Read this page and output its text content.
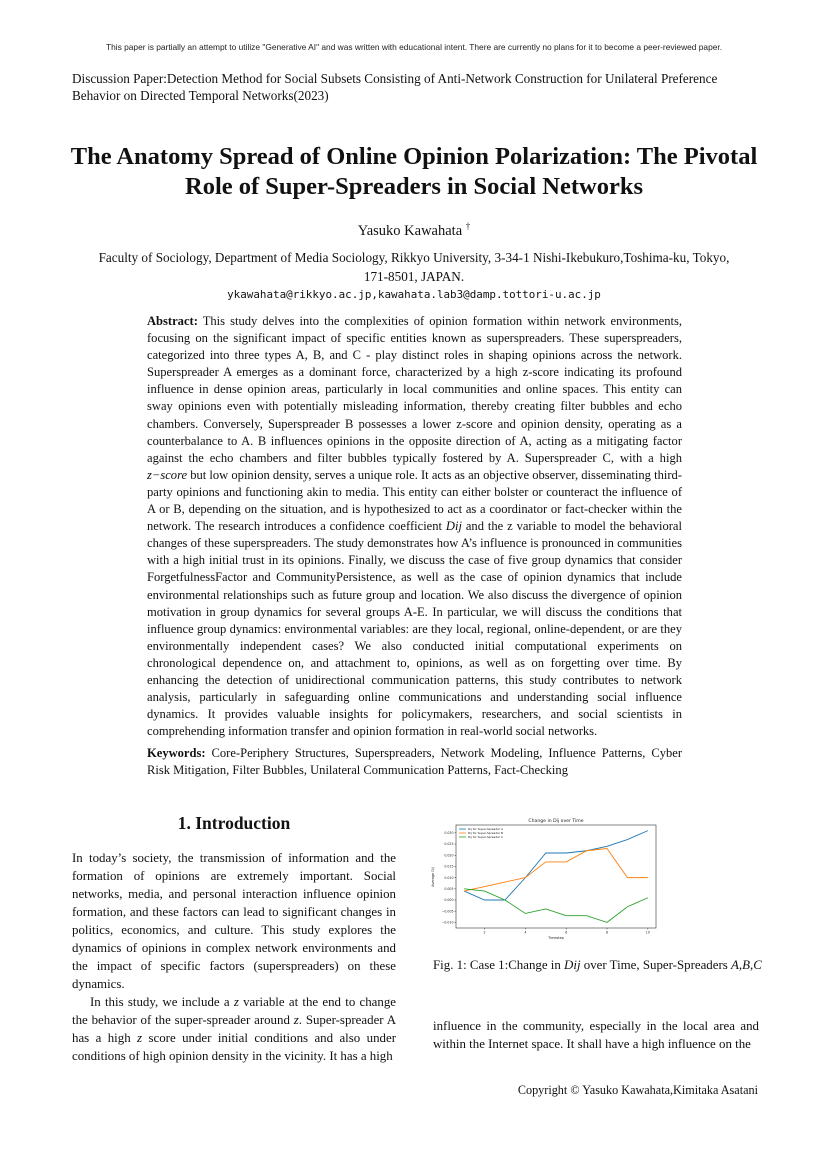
This paper is partially an attempt to utilize "Generative AI" and was written with educational intent. There are currently no plans for it to become a peer-reviewed paper.
Discussion Paper:Detection Method for Social Subsets Consisting of Anti-Network Construction for Unilateral Preference Behavior on Directed Temporal Networks(2023)
The Anatomy Spread of Online Opinion Polarization: The Pivotal Role of Super-Spreaders in Social Networks
Yasuko Kawahata †
Faculty of Sociology, Department of Media Sociology, Rikkyo University, 3-34-1 Nishi-Ikebukuro,Toshima-ku, Tokyo, 171-8501, JAPAN.
ykawahata@rikkyo.ac.jp,kawahata.lab3@damp.tottori-u.ac.jp

Abstract: This study delves into the complexities of opinion formation within network environments, focusing on the significant impact of specific entities known as superspreaders. These superspreaders, categorized into three types A, B, and C - play distinct roles in shaping opinions across the network. Superspreader A emerges as a dominant force, characterized by a high z-score indicating its profound influence in dense opinion areas, particularly in local communities and online spaces. This entity can sway opinions even with potentially misleading information, thereby creating filter bubbles and echo chambers. Conversely, Superspreader B possesses a lower z-score and opinion density, operating as a counterbalance to A. B influences opinions in the opposite direction of A, acting as a mitigating factor against the echo chambers and filter bubbles typically fostered by A. Superspreader C, with a high z−score but low opinion density, serves a unique role. It acts as an objective observer, disseminating third-party opinions and functioning akin to media. This entity can either bolster or counteract the influence of A or B, depending on the situation, and is hypothesized to act as a coordinator or fact-checker within the network. The research introduces a confidence coefficient Dij and the z variable to model the behavioral changes of these superspreaders. The study demonstrates how A’s influence is pronounced in communities with a high initial trust in its opinions. Finally, we discuss the case of five group dynamics that consider ForgetfulnessFactor and CommunityPersistence, as well as the case of opinion dynamics that include environmental relationships such as future group and location. We also discuss the divergence of opinion motivation in group dynamics for several groups A-E. In particular, we will discuss the conditions that influence group dynamics: environmental variables: are they local, regional, online-dependent, or are they environmentally independent cases? We also conducted initial computational experiments on chronological dependence on, and attachment to, opinions, as well as on forgetting over time. By enhancing the detection of unidirectional communication patterns, this study contributes to network analysis, particularly in safeguarding online communications and understanding social influence dynamics. It provides valuable insights for policymakers, researchers, and social scientists in comprehending information transfer and opinion formation in real-world social networks.

Keywords: Core-Periphery Structures, Superspreaders, Network Modeling, Influence Patterns, Cyber Risk Mitigation, Filter Bubbles, Unilateral Communication Patterns, Fact-Checking

1. Introduction

In today’s society, the transmission of information and the formation of opinions are extremely important. Social networks, media, and personal interaction influence opinion formation, and these factors can lead to significant changes in politics, economics, and culture. This study explores the dynamics of opinions in complex network environments and the impact of specific factors (superspreaders) on these dynamics.

In this study, we include a z variable at the end to change the behavior of the super-spreader around z. Super-spreader A has a high z score under initial conditions and also under conditions of high opinion density in the vicinity. It has a high

Change in Dij over Time
Timestep
Average Dij
−0.010
−0.005
0.000
0.005
0.010
0.015
0.020
0.025
0.030
2	4	6	8	10
Dij for Super-Spreader A
Dij for Super-Spreader B
Dij for Super-Spreader C
Fig. 1: Case 1:Change in Dij over Time, Super-Spreaders A,B,C
influence in the community, especially in the local area and within the Internet space. It shall have a high influence on the
Copyright © Yasuko Kawahata,Kimitaka Asatani
